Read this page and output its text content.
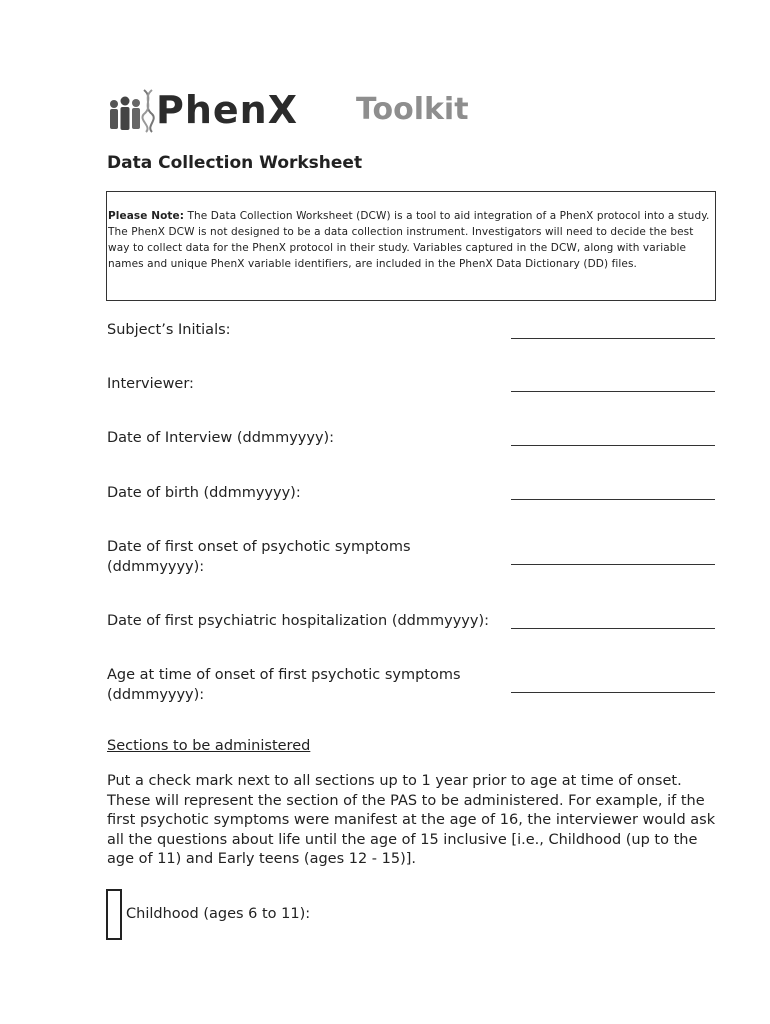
PhenX Toolkit
Data Collection Worksheet
Please Note: The Data Collection Worksheet (DCW) is a tool to aid integration of a PhenX protocol into a study. The PhenX DCW is not designed to be a data collection instrument. Investigators will need to decide the best way to collect data for the PhenX protocol in their study. Variables captured in the DCW, along with variable names and unique PhenX variable identifiers, are included in the PhenX Data Dictionary (DD) files.
Subject’s Initials:
Interviewer:
Date of Interview (ddmmyyyy):
Date of birth (ddmmyyyy):
Date of first onset of psychotic symptoms (ddmmyyyy):
Date of first psychiatric hospitalization (ddmmyyyy):
Age at time of onset of first psychotic symptoms (ddmmyyyy):
Sections to be administered
Put a check mark next to all sections up to 1 year prior to age at time of onset. These will represent the section of the PAS to be administered. For example, if the first psychotic symptoms were manifest at the age of 16, the interviewer would ask all the questions about life until the age of 15 inclusive [i.e., Childhood (up to the age of 11) and Early teens (ages 12 - 15)].
Childhood (ages 6 to 11):
